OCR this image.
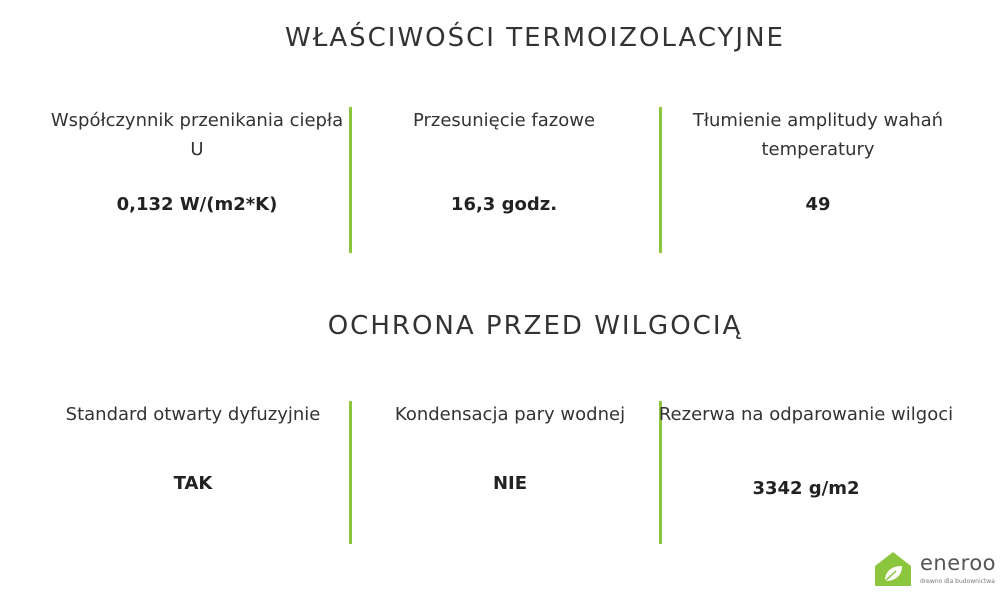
WŁAŚCIWOŚCI TERMOIZOLACYJNE
Współczynnik przenikania ciepła U
0,132 W/(m2*K)
Przesunięcie fazowe
16,3 godz.
Tłumienie amplitudy wahań temperatury
49
OCHRONA PRZED WILGOCIĄ
Standard otwarty dyfuzyjnie
TAK
Kondensacja pary wodnej
NIE
Rezerwa na odparowanie wilgoci
3342 g/m2
eneroo
drewno dla budownictwa
